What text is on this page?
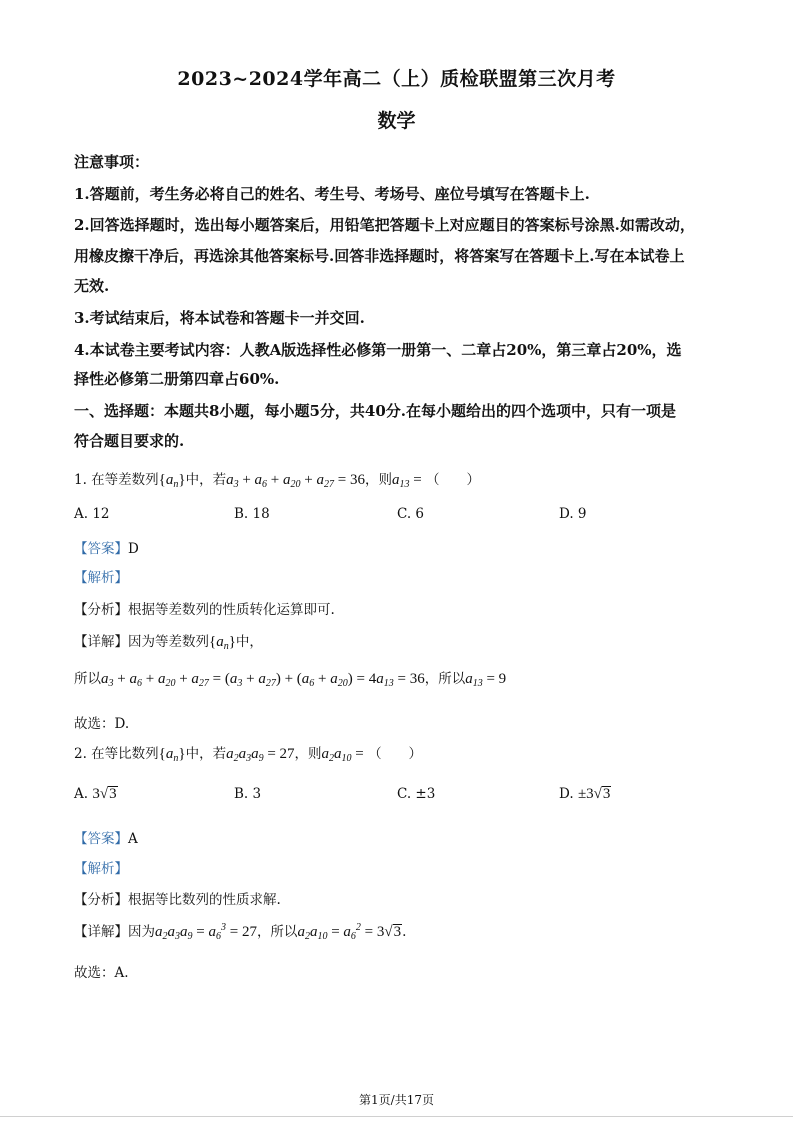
2023~2024学年高二（上）质检联盟第三次月考

数学

注意事项：

1.答题前，考生务必将自己的姓名、考生号、考场号、座位号填写在答题卡上.

2.回答选择题时，选出每小题答案后，用铅笔把答题卡上对应题目的答案标号涂黑.如需改动，

用橡皮擦干净后，再选涂其他答案标号.回答非选择题时，将答案写在答题卡上.写在本试卷上

无效.

3.考试结束后，将本试卷和答题卡一并交回.

4.本试卷主要考试内容：人教A版选择性必修第一册第一、二章占20%，第三章占20%，选

择性必修第二册第四章占60%.

一、选择题：本题共8小题，每小题5分，共40分.在每小题给出的四个选项中，只有一项是

符合题目要求的.

1. 在等差数列$\{a_n\}$中，若$a_3 + a_6 + a_{20} + a_{27} = 36$，则$a_{13}$ = （　　）

A. 12	B. 18	C. 6	D. 9

【答案】D

【解析】

【分析】根据等差数列的性质转化运算即可.

【详解】因为等差数列$\{a_n\}$中，

所以$a_3 + a_6 + a_{20} + a_{27} = (a_3 + a_{27}) + (a_6 + a_{20}) = 4a_{13} = 36$，所以$a_{13} = 9$

故选：D.

2. 在等比数列$\{a_n\}$中，若$a_2a_3a_9 = 27$，则$a_2a_{10}$ = （　　）

A. 3√3	B. 3	C. ±3	D. ±3√3

【答案】A

【解析】

【分析】根据等比数列的性质求解.

【详解】因为$a_2a_3a_9 = a_6^3 = 27$，所以$a_2a_{10} = a_6^2 = 3√3$.

故选：A.

第1页/共17页
